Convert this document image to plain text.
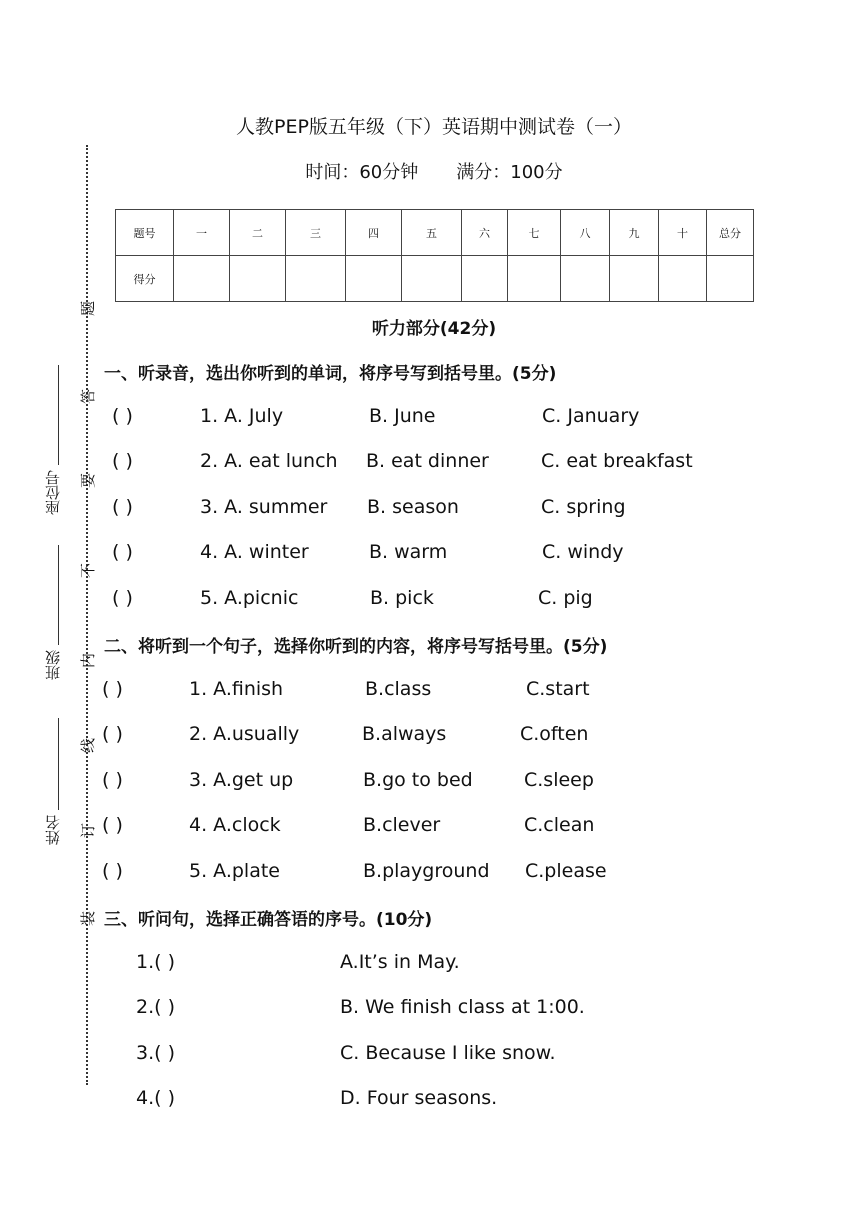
题
答
要
不
内
线
订
装
座位号
班级
姓名
人教PEP版五年级（下）英语期中测试卷（一）
时间：60分钟 满分：100分
题号	一	二	三	四	五	六	七	八	九	十	总分
得分											
听力部分(42分)
一、听录音，选出你听到的单词，将序号写到括号里。(5分)
( )	1. A. July	B. June	C. January
( )	2. A. eat lunch B. eat dinner	C. eat breakfast
( )	3. A. summer B. season	C. spring
( )	4. A. winter	B. warm	C. windy
( )	5. A.picnic	B. pick	C. pig
二、将听到一个句子，选择你听到的内容，将序号写括号里。(5分)
( )	1. A.finish	B.class	C.start
( )	2. A.usually	B.always	C.often
( )	3. A.get up	B.go to bed	C.sleep
( )	4. A.clock	B.clever	C.clean
( )	5. A.plate	B.playground C.please
三、听问句，选择正确答语的序号。(10分)
1.( )	A.It’s in May.
2.( )	B. We finish class at 1:00.
3.( )	C. Because I like snow.
4.( )	D. Four seasons.
